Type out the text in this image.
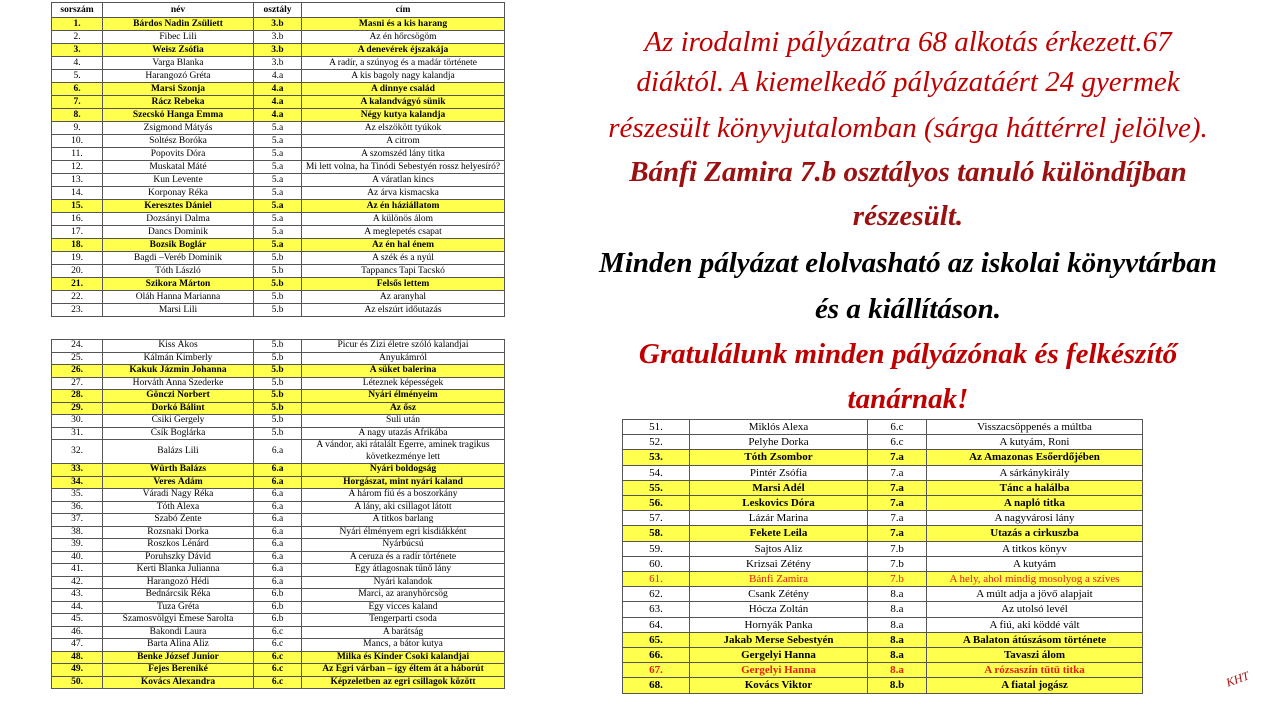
sorszám	név	osztály	cím
1.	Bárdos Nadin Zsüliett	3.b	Masni és a kis harang
2.	Fibec Lili	3.b	Az én hőrcsögöm
3.	Weisz Zsófia	3.b	A denevérek éjszakája
4.	Varga Blanka	3.b	A radír, a szúnyog és a madár története
5.	Harangozó Gréta	4.a	A kis bagoly nagy kalandja
6.	Marsi Szonja	4.a	A dinnye család
7.	Rácz Rebeka	4.a	A kalandvágyó sünik
8.	Szecskó Hanga Emma	4.a	Négy kutya kalandja
9.	Zsigmond Mátyás	5.a	Az elszökött tyúkok
10.	Soltész Boróka	5.a	A citrom
11.	Popovits Dóra	5.a	A szomszéd lány titka
12.	Muskatal Máté	5.a	Mi lett volna, ha Tinódi Sebestyén rossz helyesíró?
13.	Kun Levente	5.a	A váratlan kincs
14.	Korponay Réka	5.a	Az árva kismacska
15.	Keresztes Dániel	5.a	Az én háziállatom
16.	Dozsányi Dalma	5.a	A különös álom
17.	Dancs Dominik	5.a	A meglepetés csapat
18.	Bozsik Boglár	5.a	Az én hal énem
19.	Bagdi –Veréb Dominik	5.b	A szék és a nyúl
20.	Tóth László	5.b	Tappancs Tapi Tacskó
21.	Szikora Márton	5.b	Felsős lettem
22.	Oláh Hanna Marianna	5.b	Az aranyhal
23.	Marsi Lili	5.b	Az elszúrt időutazás
24.	Kiss Ákos	5.b	Picur és Zizi életre szóló kalandjai
25.	Kálmán Kimberly	5.b	Anyukámról
26.	Kakuk Jázmin Johanna	5.b	A süket balerina
27.	Horváth Anna Szederke	5.b	Léteznek képességek
28.	Gönczi Norbert	5.b	Nyári élményeim
29.	Dorkó Bálint	5.b	Az ősz
30.	Csiki Gergely	5.b	Suli után
31.	Csík Boglárka	5.b	A nagy utazás Afrikába
32.	Balázs Lili	6.a	A vándor, aki rátalált Egerre, aminek tragikus következménye lett
33.	Würth Balázs	6.a	Nyári boldogság
34.	Veres Ádám	6.a	Horgászat, mint nyári kaland
35.	Váradi Nagy Réka	6.a	A három fiú és a boszorkány
36.	Tóth Alexa	6.a	A lány, aki csillagot látott
37.	Szabó Zente	6.a	A titkos barlang
38.	Rozsnaki Dorka	6.a	Nyári élményem egri kisdiákként
39.	Roszkos Lénárd	6.a	Nyárbúcsú
40.	Poruhszky Dávid	6.a	A ceruza és a radír története
41.	Kerti Blanka Julianna	6.a	Egy átlagosnak tűnő lány
42.	Harangozó Hédi	6.a	Nyári kalandok
43.	Bednárcsik Réka	6.b	Marci, az aranyhörcsög
44.	Tuza Gréta	6.b	Egy vicces kaland
45.	Szamosvölgyi Emese Sarolta	6.b	Tengerparti csoda
46.	Bakondi Laura	6.c	A barátság
47.	Barta Alina Aliz	6.c	Mancs, a bátor kutya
48.	Benke József Junior	6.c	Milka és Kinder Csoki kalandjai
49.	Fejes Bereniké	6.c	Az Egri várban – így éltem át a háborút
50.	Kovács Alexandra	6.c	Képzeletben az egri csillagok között
51.	Miklós Alexa	6.c	Visszacsöppenés a múltba
52.	Pelyhe Dorka	6.c	A kutyám, Roni
53.	Tóth Zsombor	7.a	Az Amazonas Esőerdőjében
54.	Pintér Zsófia	7.a	A sárkánykirály
55.	Marsi Adél	7.a	Tánc a halálba
56.	Leskovics Dóra	7.a	A napló titka
57.	Lázár Marina	7.a	A nagyvárosi lány
58.	Fekete Leila	7.a	Utazás a cirkuszba
59.	Sajtos Aliz	7.b	A titkos könyv
60.	Krizsai Zétény	7.b	A kutyám
61.	Bánfi Zamira	7.b	A hely, ahol mindig mosolyog a szíves
62.	Csank Zétény	8.a	A múlt adja a jövő alapjait
63.	Hócza Zoltán	8.a	Az utolsó levél
64.	Hornyák Panka	8.a	A fiú, aki köddé vált
65.	Jakab Merse Sebestyén	8.a	A Balaton átúszásom története
66.	Gergelyi Hanna	8.a	Tavaszi álom
67.	Gergelyi Hanna	8.a	A rózsaszín tütü titka
68.	Kovács Viktor	8.b	A fiatal jogász
Az irodalmi pályázatra 68 alkotás érkezett.67
diáktól. A kiemelkedő pályázatáért 24 gyermek
részesült könyvjutalomban (sárga háttérrel jelölve).
Bánfi Zamira 7.b osztályos tanuló különdíjban
részesült.
Minden pályázat elolvasható az iskolai könyvtárban
és a kiállításon.
Gratulálunk minden pályázónak és felkészítő
tanárnak!
KHT
